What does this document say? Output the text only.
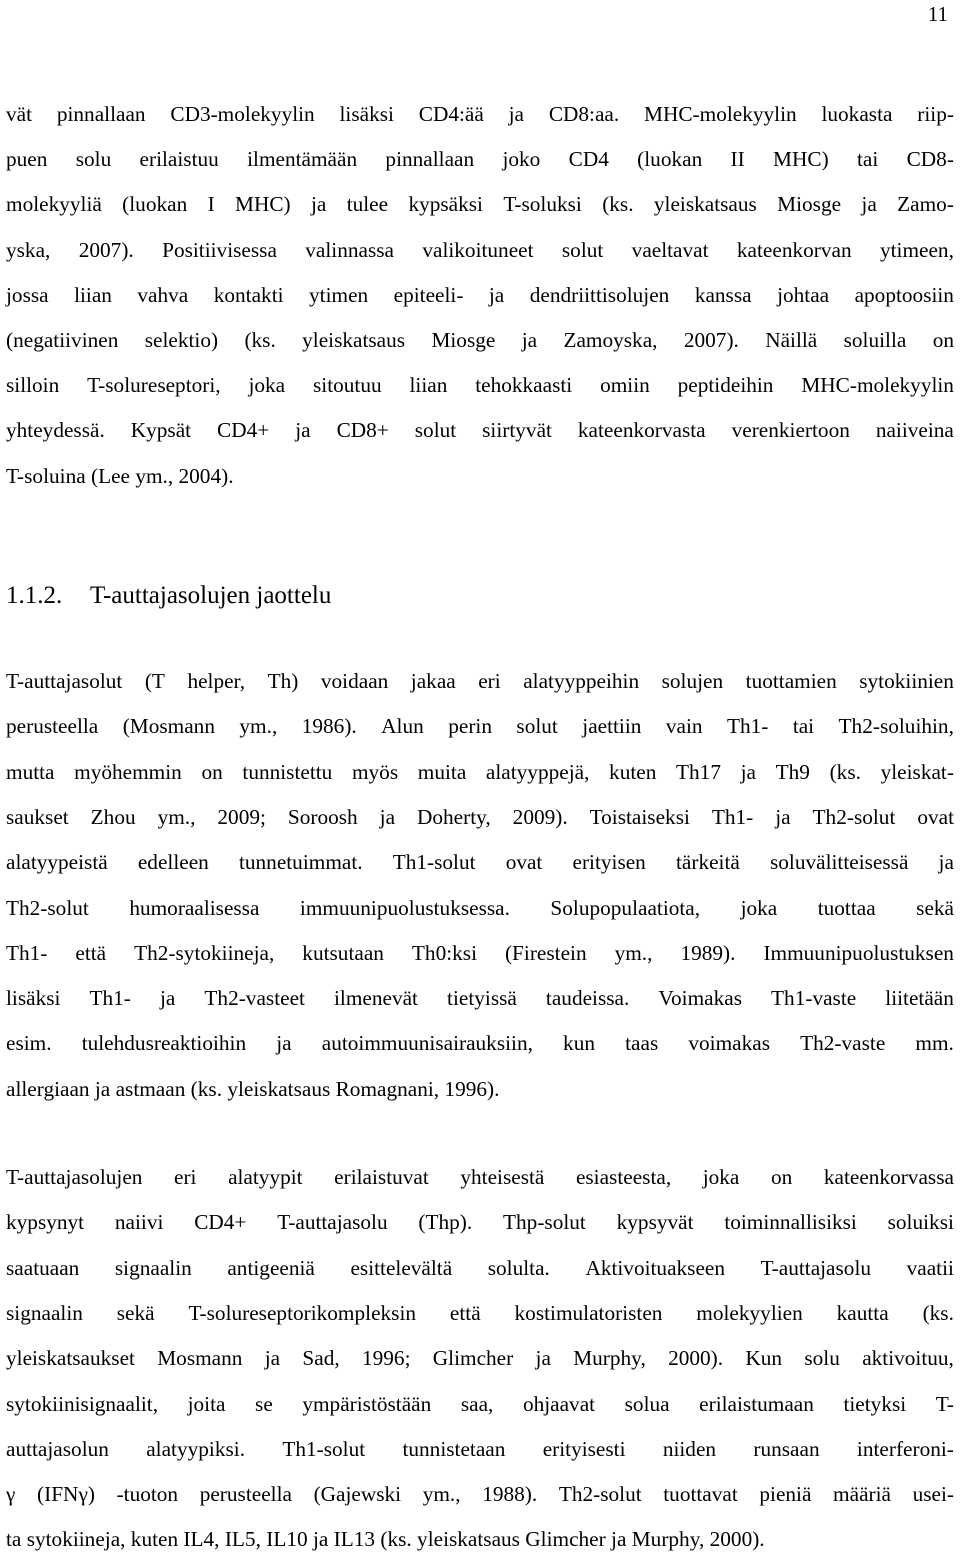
11
vät pinnallaan CD3-molekyylin lisäksi CD4:ää ja CD8:aa. MHC-molekyylin luokasta riip-
puen solu erilaistuu ilmentämään pinnallaan joko CD4 (luokan II MHC) tai CD8-
molekyyliä (luokan I MHC) ja tulee kypsäksi T-soluksi (ks. yleiskatsaus Miosge ja Zamo-
yska, 2007). Positiivisessa valinnassa valikoituneet solut vaeltavat kateenkorvan ytimeen,
jossa liian vahva kontakti ytimen epiteeli- ja dendriittisolujen kanssa johtaa apoptoosiin
(negatiivinen selektio) (ks. yleiskatsaus Miosge ja Zamoyska, 2007). Näillä soluilla on
silloin T-solureseptori, joka sitoutuu liian tehokkaasti omiin peptideihin MHC-molekyylin
yhteydessä. Kypsät CD4+ ja CD8+ solut siirtyvät kateenkorvasta verenkiertoon naiiveina
T-soluina (Lee ym., 2004).
1.1.2. T-auttajasolujen jaottelu
T-auttajasolut (T helper, Th) voidaan jakaa eri alatyyppeihin solujen tuottamien sytokiinien
perusteella (Mosmann ym., 1986). Alun perin solut jaettiin vain Th1- tai Th2-soluihin,
mutta myöhemmin on tunnistettu myös muita alatyyppejä, kuten Th17 ja Th9 (ks. yleiskat-
saukset Zhou ym., 2009; Soroosh ja Doherty, 2009). Toistaiseksi Th1- ja Th2-solut ovat
alatyypeistä edelleen tunnetuimmat. Th1-solut ovat erityisen tärkeitä soluvälitteisessä ja
Th2-solut humoraalisessa immuunipuolustuksessa. Solupopulaatiota, joka tuottaa sekä
Th1- että Th2-sytokiineja, kutsutaan Th0:ksi (Firestein ym., 1989). Immuunipuolustuksen
lisäksi Th1- ja Th2-vasteet ilmenevät tietyissä taudeissa. Voimakas Th1-vaste liitetään
esim. tulehdusreaktioihin ja autoimmuunisairauksiin, kun taas voimakas Th2-vaste mm.
allergiaan ja astmaan (ks. yleiskatsaus Romagnani, 1996).
T-auttajasolujen eri alatyypit erilaistuvat yhteisestä esiasteesta, joka on kateenkorvassa
kypsynyt naiivi CD4+ T-auttajasolu (Thp). Thp-solut kypsyvät toiminnallisiksi soluiksi
saatuaan signaalin antigeeniä esittelevältä solulta. Aktivoituakseen T-auttajasolu vaatii
signaalin sekä T-solureseptorikompleksin että kostimulatoristen molekyylien kautta (ks.
yleiskatsaukset Mosmann ja Sad, 1996; Glimcher ja Murphy, 2000). Kun solu aktivoituu,
sytokiinisignaalit, joita se ympäristöstään saa, ohjaavat solua erilaistumaan tietyksi T-
auttajasolun alatyypiksi. Th1-solut tunnistetaan erityisesti niiden runsaan interferoni-
γ (IFNγ) -tuoton perusteella (Gajewski ym., 1988). Th2-solut tuottavat pieniä määriä usei-
ta sytokiineja, kuten IL4, IL5, IL10 ja IL13 (ks. yleiskatsaus Glimcher ja Murphy, 2000).
